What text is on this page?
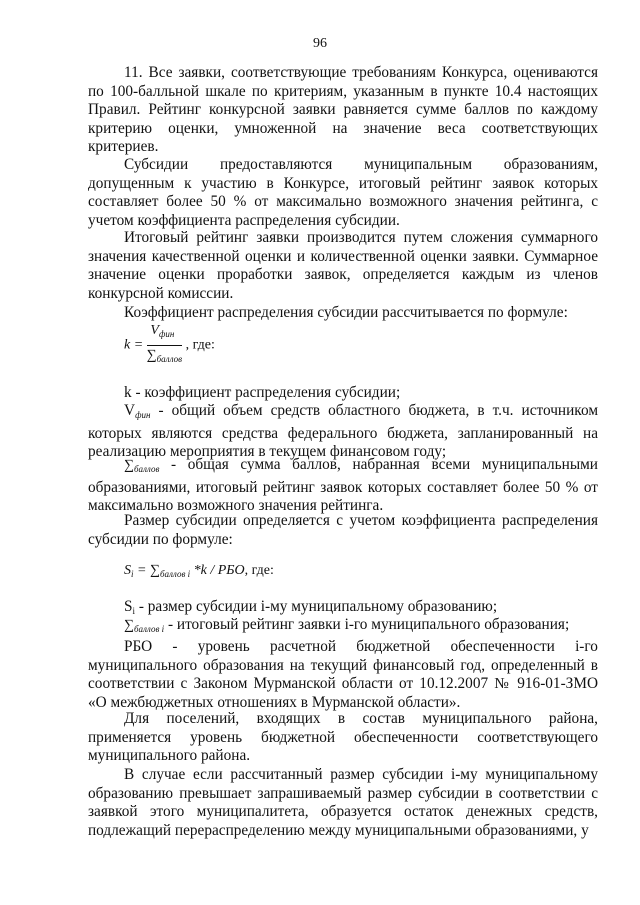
96
11. Все заявки, соответствующие требованиям Конкурса, оцениваются по 100-балльной шкале по критериям, указанным в пункте 10.4 настоящих Правил. Рейтинг конкурсной заявки равняется сумме баллов по каждому критерию оценки, умноженной на значение веса соответствующих критериев.
Субсидии предоставляются муниципальным образованиям, допущенным к участию в Конкурсе, итоговый рейтинг заявок которых составляет более 50 % от максимально возможного значения рейтинга, с учетом коэффициента распределения субсидии.
Итоговый рейтинг заявки производится путем сложения суммарного значения качественной оценки и количественной оценки заявки. Суммарное значение оценки проработки заявок, определяется каждым из членов конкурсной комиссии.
Коэффициент распределения субсидии рассчитывается по формуле:
$k = \frac{V_{фин}}{\sum_{баллов}}$ , где:
k - коэффициент распределения субсидии;
$V_{фин}$ - общий объем средств областного бюджета, в т.ч. источником которых являются средства федерального бюджета, запланированный на реализацию мероприятия в текущем финансовом году;
$\sum_{баллов}$ - общая сумма баллов, набранная всеми муниципальными образованиями, итоговый рейтинг заявок которых составляет более 50 % от максимально возможного значения рейтинга.
Размер субсидии определяется с учетом коэффициента распределения субсидии по формуле:
$S_i = \sum_{баллов i}$ *k / РБО, где:
$S_i$ - размер субсидии i-му муниципальному образованию;
$\sum_{баллов i}$ - итоговый рейтинг заявки i-го муниципального образования;
РБО - уровень расчетной бюджетной обеспеченности i-го
муниципального образования на текущий финансовый год, определенный в соответствии с Законом Мурманской области от 10.12.2007 № 916-01-ЗМО «О межбюджетных отношениях в Мурманской области».
Для поселений, входящих в состав муниципального района, применяется уровень бюджетной обеспеченности соответствующего муниципального района.
В случае если рассчитанный размер субсидии i-му муниципальному образованию превышает запрашиваемый размер субсидии в соответствии с заявкой этого муниципалитета, образуется остаток денежных средств, подлежащий перераспределению между муниципальными образованиями, у
